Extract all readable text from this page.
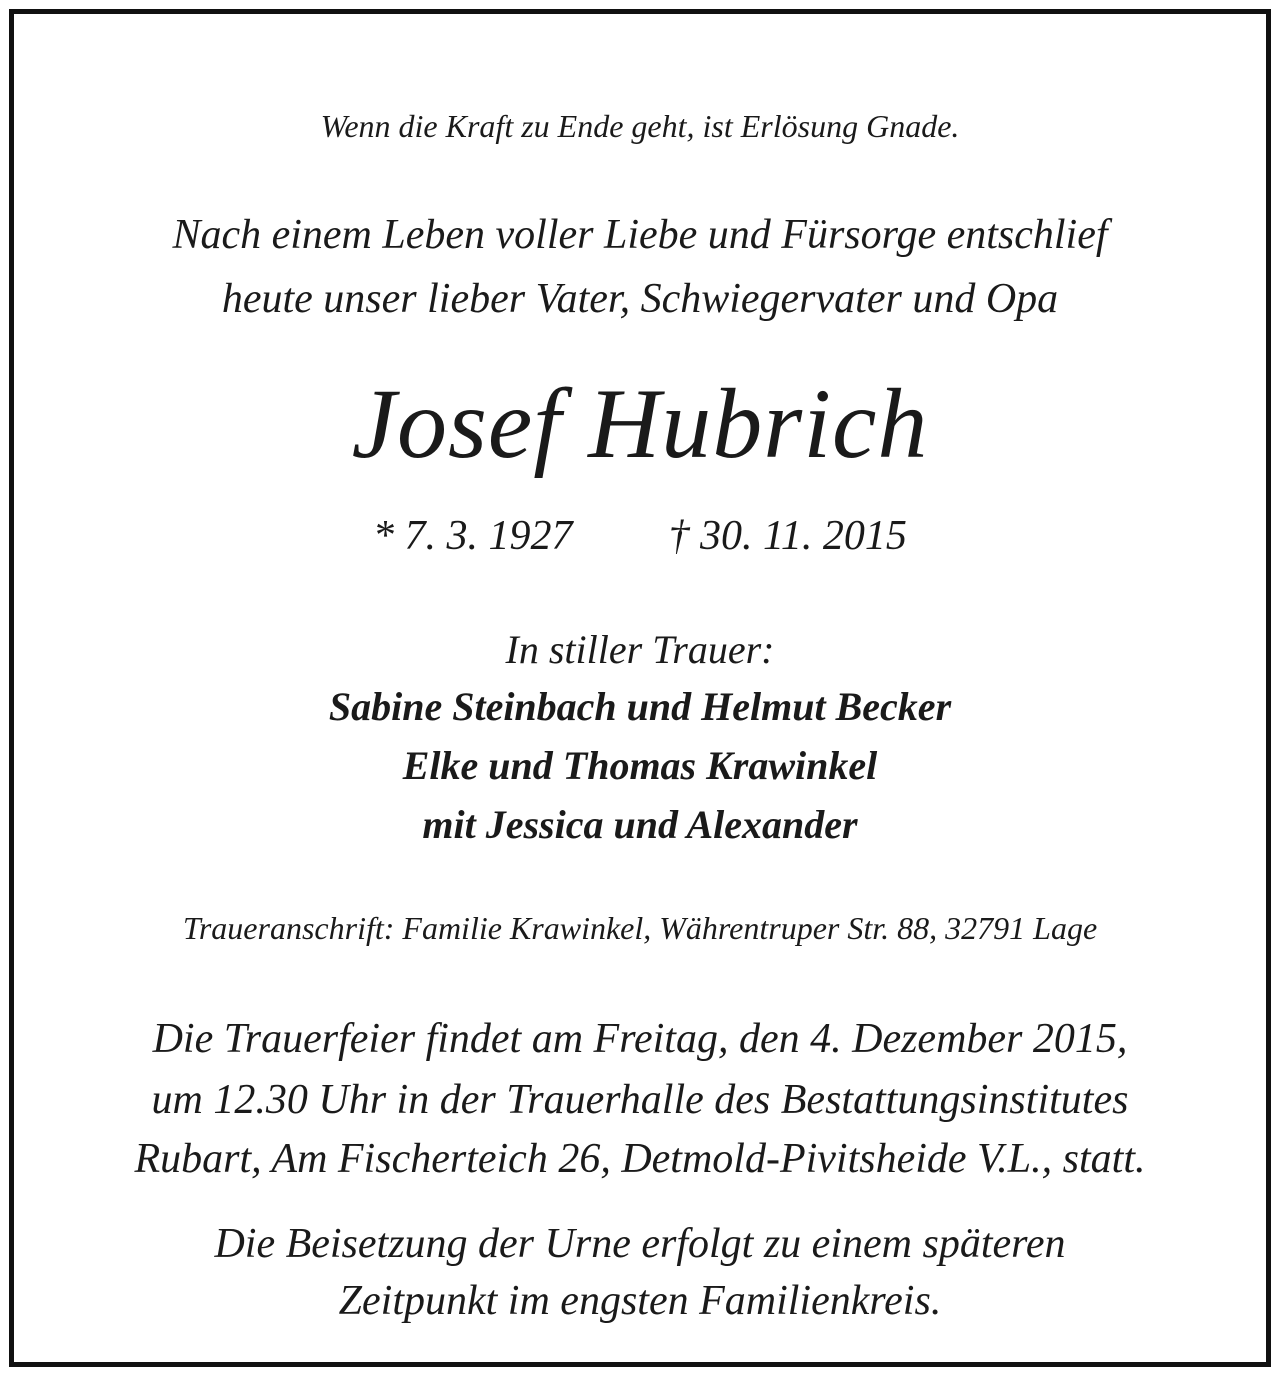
Wenn die Kraft zu Ende geht, ist Erlösung Gnade.
Nach einem Leben voller Liebe und Fürsorge entschlief
heute unser lieber Vater, Schwiegervater und Opa
Josef Hubrich
* 7. 3. 1927 † 30. 11. 2015
In stiller Trauer:
Sabine Steinbach und Helmut Becker
Elke und Thomas Krawinkel
mit Jessica und Alexander
Traueranschrift: Familie Krawinkel, Währentruper Str. 88, 32791 Lage
Die Trauerfeier findet am Freitag, den 4. Dezember 2015,
um 12.30 Uhr in der Trauerhalle des Bestattungsinstitutes
Rubart, Am Fischerteich 26, Detmold-Pivitsheide V.L., statt.
Die Beisetzung der Urne erfolgt zu einem späteren
Zeitpunkt im engsten Familienkreis.
